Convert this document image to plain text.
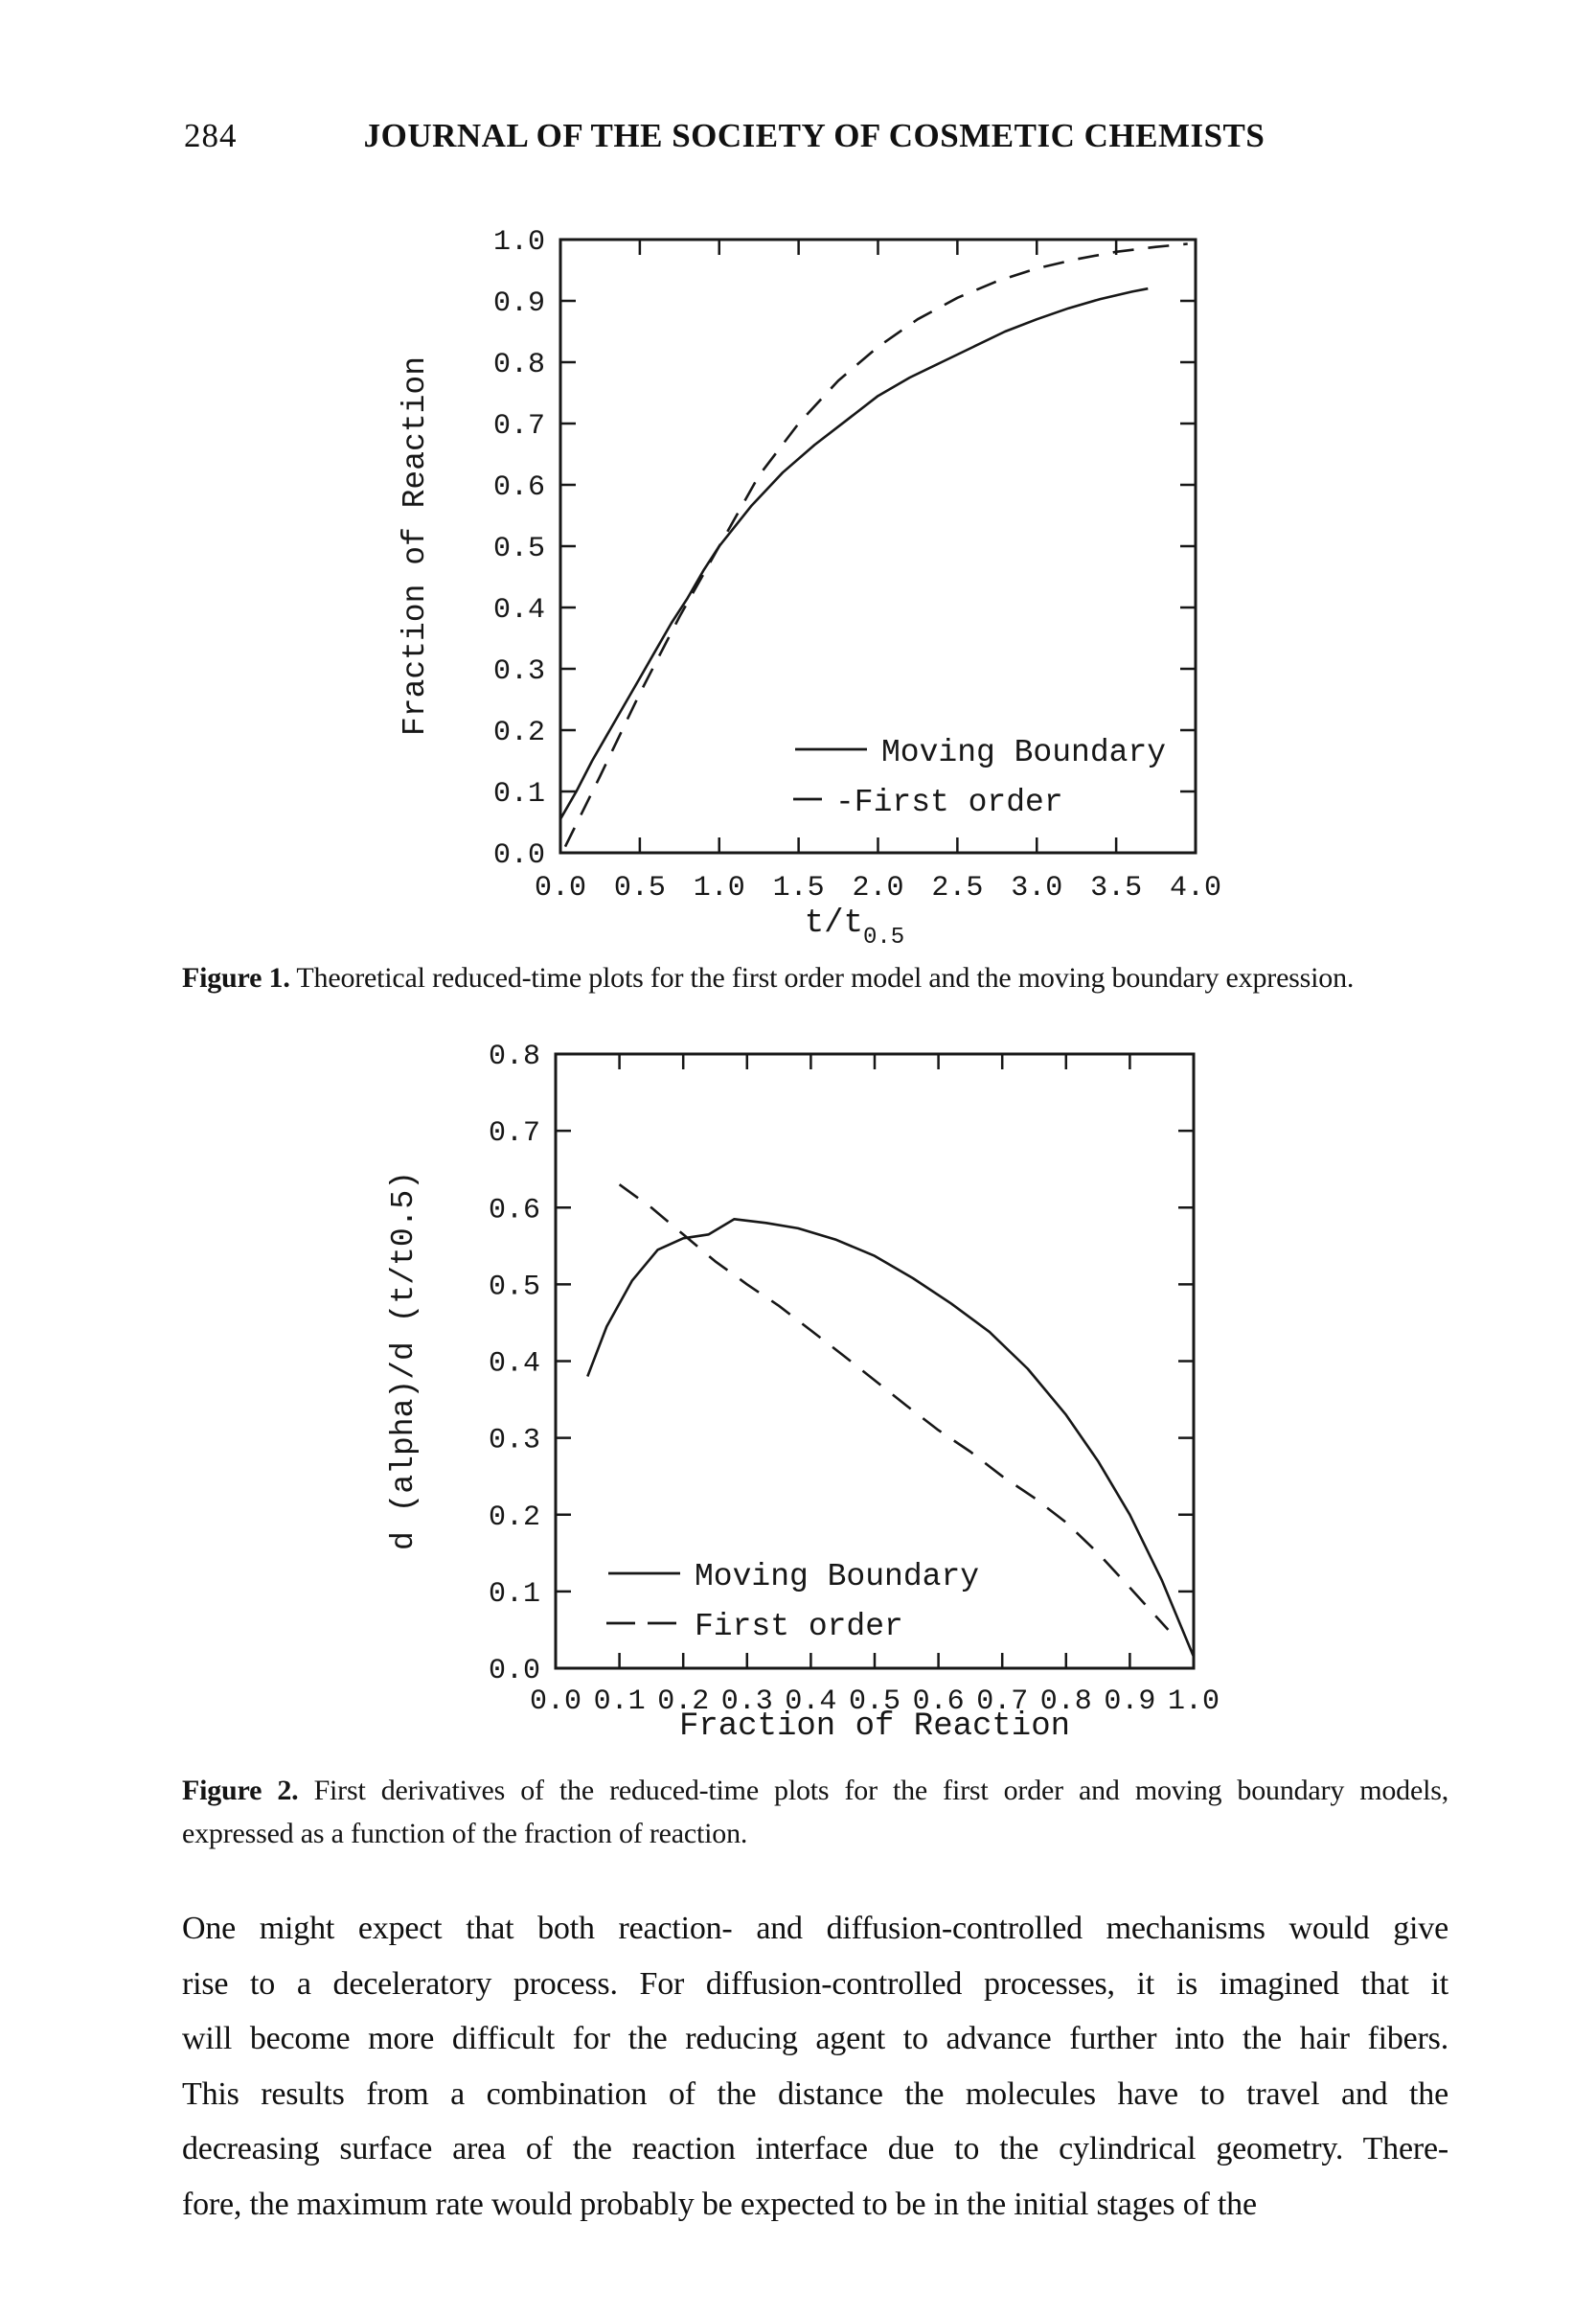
284	JOURNAL OF THE SOCIETY OF COSMETIC CHEMISTS
0.0 0.5 1.0 1.5 2.0 2.5 3.0 3.5 4.0
0.0
0.1
0.2
0.3
0.4
0.5
0.6
0.7
0.8
0.9
1.0
$t/t_{0.5}$
Fraction of Reaction
Moving Boundary
-First order
Figure 1. Theoretical reduced-time plots for the first order model and the moving boundary expression.
0.0 0.1 0.2 0.3 0.4 0.5 0.6 0.7 0.8 0.9 1.0
0.0
0.1
0.2
0.3
0.4
0.5
0.6
0.7
0.8
Fraction of Reaction
d (alpha)/d (t/t0.5)
Moving Boundary
First order
Figure 2. First derivatives of the reduced-time plots for the first order and moving boundary models,
expressed as a function of the fraction of reaction.
One might expect that both reaction- and diffusion-controlled mechanisms would give
rise to a deceleratory process. For diffusion-controlled processes, it is imagined that it
will become more difficult for the reducing agent to advance further into the hair fibers.
This results from a combination of the distance the molecules have to travel and the
decreasing surface area of the reaction interface due to the cylindrical geometry. There-
fore, the maximum rate would probably be expected to be in the initial stages of the
